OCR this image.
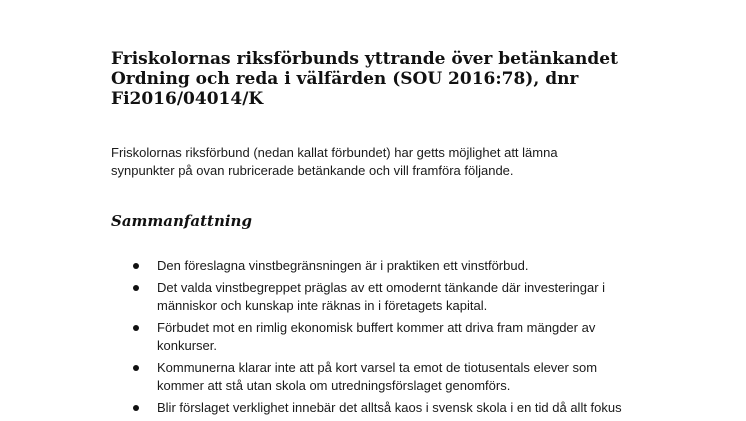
Friskolornas riksförbunds yttrande över betänkandet
Ordning och reda i välfärden (SOU 2016:78), dnr
Fi2016/04014/K

Friskolornas riksförbund (nedan kallat förbundet) har getts möjlighet att lämna
synpunkter på ovan rubricerade betänkande och vill framföra följande.

Sammanfattning
Den föreslagna vinstbegränsningen är i praktiken ett vinstförbud.
Det valda vinstbegreppet präglas av ett omodernt tänkande där investeringar i
människor och kunskap inte räknas in i företagets kapital.
Förbudet mot en rimlig ekonomisk buffert kommer att driva fram mängder av
konkurser.
Kommunerna klarar inte att på kort varsel ta emot de tiotusentals elever som
kommer att stå utan skola om utredningsförslaget genomförs.
Blir förslaget verklighet innebär det alltså kaos i svensk skola i en tid då allt fokus
